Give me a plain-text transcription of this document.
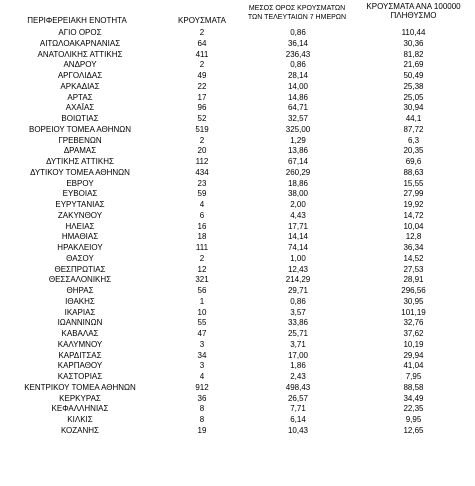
ΠΕΡΙΦΕΡΕΙΑΚΗ ΕΝΟΤΗΤΑ	ΚΡΟΥΣΜΑΤΑ
ΜΕΣΟΣ ΟΡΟΣ ΚΡΟΥΣΜΑΤΩΝ
ΤΩΝ ΤΕΛΕΥΤΑΙΩΝ 7 ΗΜΕΡΩΝ
ΚΡΟΥΣΜΑΤΑ ΑΝΑ 100000
ΠΛΗΘΥΣΜΟ
ΑΓΙΟ ΟΡΟΣ	2	0,86	110,44
ΑΙΤΩΛΟΑΚΑΡΝΑΝΙΑΣ	64	36,14	30,36
ΑΝΑΤΟΛΙΚΗΣ ΑΤΤΙΚΗΣ	411	236,43	81,82
ΑΝΔΡΟΥ	2	0,86	21,69
ΑΡΓΟΛΙΔΑΣ	49	28,14	50,49
ΑΡΚΑΔΙΑΣ	22	14,00	25,38
ΑΡΤΑΣ	17	14,86	25,05
ΑΧΑΪΑΣ	96	64,71	30,94
ΒΟΙΩΤΙΑΣ	52	32,57	44,1
ΒΟΡΕΙΟΥ ΤΟΜΕΑ ΑΘΗΝΩΝ	519	325,00	87,72
ΓΡΕΒΕΝΩΝ	2	1,29	6,3
ΔΡΑΜΑΣ	20	13,86	20,35
ΔΥΤΙΚΗΣ ΑΤΤΙΚΗΣ	112	67,14	69,6
ΔΥΤΙΚΟΥ ΤΟΜΕΑ ΑΘΗΝΩΝ	434	260,29	88,63
ΕΒΡΟΥ	23	18,86	15,55
ΕΥΒΟΙΑΣ	59	38,00	27,99
ΕΥΡΥΤΑΝΙΑΣ	4	2,00	19,92
ΖΑΚΥΝΘΟΥ	6	4,43	14,72
ΗΛΕΙΑΣ	16	17,71	10,04
ΗΜΑΘΙΑΣ	18	14,14	12,8
ΗΡΑΚΛΕΙΟΥ	111	74,14	36,34
ΘΑΣΟΥ	2	1,00	14,52
ΘΕΣΠΡΩΤΙΑΣ	12	12,43	27,53
ΘΕΣΣΑΛΟΝΙΚΗΣ	321	214,29	28,91
ΘΗΡΑΣ	56	29,71	296,56
ΙΘΑΚΗΣ	1	0,86	30,95
ΙΚΑΡΙΑΣ	10	3,57	101,19
ΙΩΑΝΝΙΝΩΝ	55	33,86	32,76
ΚΑΒΑΛΑΣ	47	25,71	37,62
ΚΑΛΥΜΝΟΥ	3	3,71	10,19
ΚΑΡΔΙΤΣΑΣ	34	17,00	29,94
ΚΑΡΠΑΘΟΥ	3	1,86	41,04
ΚΑΣΤΟΡΙΑΣ	4	2,43	7,95
ΚΕΝΤΡΙΚΟΥ ΤΟΜΕΑ ΑΘΗΝΩΝ	912	498,43	88,58
ΚΕΡΚΥΡΑΣ	36	26,57	34,49
ΚΕΦΑΛΛΗΝΙΑΣ	8	7,71	22,35
ΚΙΛΚΙΣ	8	6,14	9,95
ΚΟΖΑΝΗΣ	19	10,43	12,65
